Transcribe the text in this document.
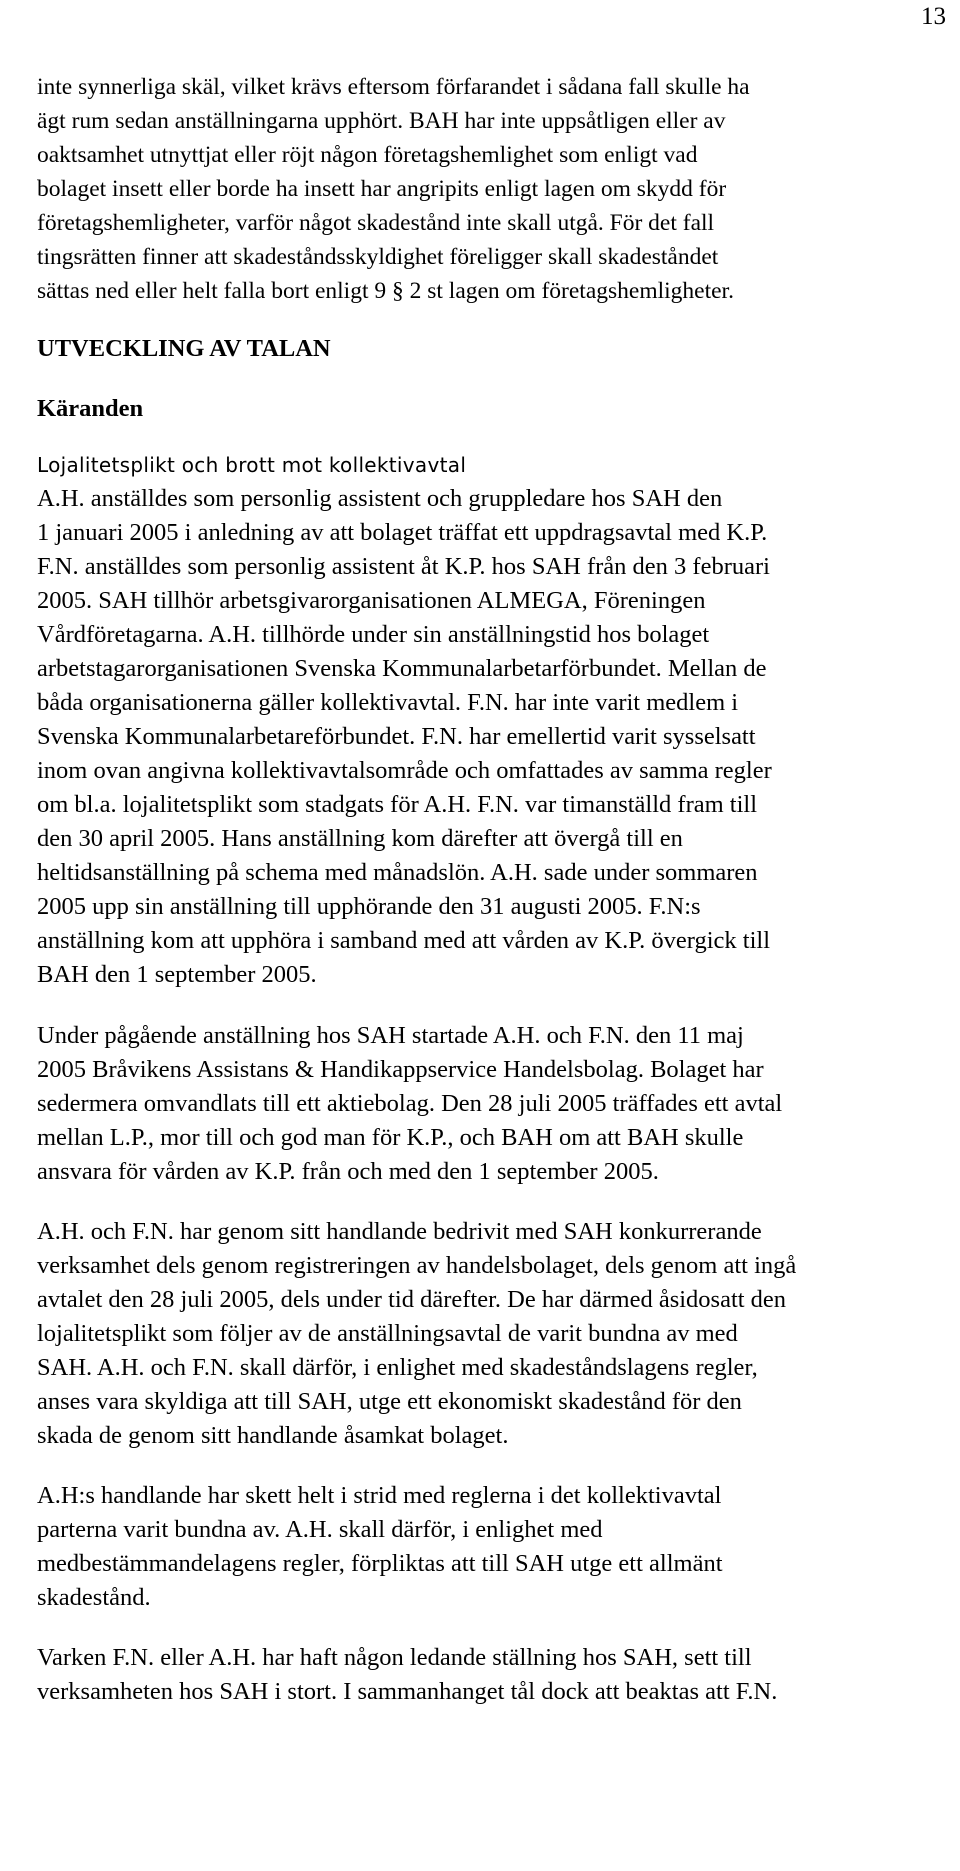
13
inte synnerliga skäl, vilket krävs eftersom förfarandet i sådana fall skulle ha
ägt rum sedan anställningarna upphört. BAH har inte uppsåtligen eller av
oaktsamhet utnyttjat eller röjt någon företagshemlighet som enligt vad
bolaget insett eller borde ha insett har angripits enligt lagen om skydd för
företagshemligheter, varför något skadestånd inte skall utgå. För det fall
tingsrätten finner att skadeståndsskyldighet föreligger skall skadeståndet
sättas ned eller helt falla bort enligt 9 § 2 st lagen om företagshemligheter.
UTVECKLING AV TALAN
Käranden
Lojalitetsplikt och brott mot kollektivavtal
A.H. anställdes som personlig assistent och gruppledare hos SAH den
1 januari 2005 i anledning av att bolaget träffat ett uppdragsavtal med K.P.
F.N. anställdes som personlig assistent åt K.P. hos SAH från den 3 februari
2005. SAH tillhör arbetsgivarorganisationen ALMEGA, Föreningen
Vårdföretagarna. A.H. tillhörde under sin anställningstid hos bolaget
arbetstagarorganisationen Svenska Kommunalarbetarförbundet. Mellan de
båda organisationerna gäller kollektivavtal. F.N. har inte varit medlem i
Svenska Kommunalarbetareförbundet. F.N. har emellertid varit sysselsatt
inom ovan angivna kollektivavtalsområde och omfattades av samma regler
om bl.a. lojalitetsplikt som stadgats för A.H. F.N. var timanställd fram till
den 30 april 2005. Hans anställning kom därefter att övergå till en
heltidsanställning på schema med månadslön. A.H. sade under sommaren
2005 upp sin anställning till upphörande den 31 augusti 2005. F.N:s
anställning kom att upphöra i samband med att vården av K.P. övergick till
BAH den 1 september 2005.
Under pågående anställning hos SAH startade A.H. och F.N. den 11 maj
2005 Bråvikens Assistans & Handikappservice Handelsbolag. Bolaget har
sedermera omvandlats till ett aktiebolag. Den 28 juli 2005 träffades ett avtal
mellan L.P., mor till och god man för K.P., och BAH om att BAH skulle
ansvara för vården av K.P. från och med den 1 september 2005.
A.H. och F.N. har genom sitt handlande bedrivit med SAH konkurrerande
verksamhet dels genom registreringen av handelsbolaget, dels genom att ingå
avtalet den 28 juli 2005, dels under tid därefter. De har därmed åsidosatt den
lojalitetsplikt som följer av de anställningsavtal de varit bundna av med
SAH. A.H. och F.N. skall därför, i enlighet med skadeståndslagens regler,
anses vara skyldiga att till SAH, utge ett ekonomiskt skadestånd för den
skada de genom sitt handlande åsamkat bolaget.
A.H:s handlande har skett helt i strid med reglerna i det kollektivavtal
parterna varit bundna av. A.H. skall därför, i enlighet med
medbestämmandelagens regler, förpliktas att till SAH utge ett allmänt
skadestånd.
Varken F.N. eller A.H. har haft någon ledande ställning hos SAH, sett till
verksamheten hos SAH i stort. I sammanhanget tål dock att beaktas att F.N.
